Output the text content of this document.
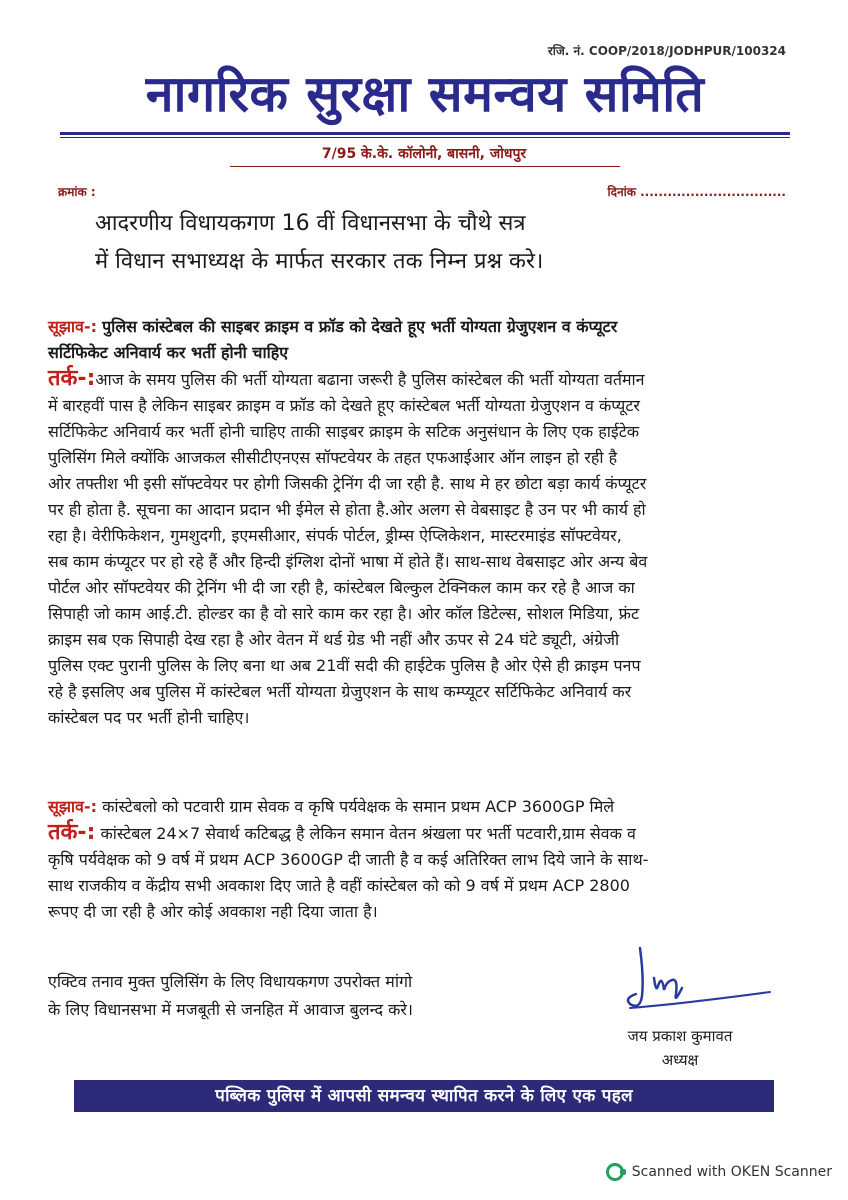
रजि. नं. COOP/2018/JODHPUR/100324
नागरिक सुरक्षा समन्वय समिति
7/95 के.के. कॉलोनी, बासनी, जोधपुर
क्रमांक :	दिनांक ................................
आदरणीय विधायकगण 16 वीं विधानसभा के चौथे सत्र
में विधान सभाध्यक्ष के मार्फत सरकार तक निम्न प्रश्न करे।
सूझाव-: पुलिस कांस्टेबल की साइबर क्राइम व फ्रॉड को देखते हूए भर्ती योग्यता ग्रेजुएशन व कंप्यूटर
सर्टिफिकेट अनिवार्य कर भर्ती होनी चाहिए
तर्क-:आज के समय पुलिस की भर्ती योग्यता बढाना जरूरी है पुलिस कांस्टेबल की भर्ती योग्यता वर्तमान
में बारहवीं पास है लेकिन साइबर क्राइम व फ्रॉड को देखते हूए कांस्टेबल भर्ती योग्यता ग्रेजुएशन व कंप्यूटर
सर्टिफिकेट अनिवार्य कर भर्ती होनी चाहिए ताकी साइबर क्राइम के सटिक अनुसंधान के लिए एक हाईटेक
पुलिसिंग मिले क्योंकि आजकल सीसीटीएनएस सॉफ्टवेयर के तहत एफआईआर ऑन लाइन हो रही है
ओर तफ्तीश भी इसी सॉफ्टवेयर पर होगी जिसकी ट्रेनिंग दी जा रही है. साथ मे हर छोटा बड़ा कार्य कंप्यूटर
पर ही होता है. सूचना का आदान प्रदान भी ईमेल से होता है.ओर अलग से वेबसाइट है उन पर भी कार्य हो
रहा है। वेरीफिकेशन, गुमशुदगी, इएमसीआर, संपर्क पोर्टल, ड्रीम्स ऐप्लिकेशन, मास्टरमाइंड सॉफ्टवेयर,
सब काम कंप्यूटर पर हो रहे हैं और हिन्दी इंग्लिश दोनों भाषा में होते हैं। साथ-साथ वेबसाइट ओर अन्य बेव
पोर्टल ओर सॉफ्टवेयर की ट्रेनिंग भी दी जा रही है, कांस्टेबल बिल्कुल टेक्निकल काम कर रहे है आज का
सिपाही जो काम आई.टी. होल्डर का है वो सारे काम कर रहा है। ओर कॉल डिटेल्स, सोशल मिडिया, फ्रंट
क्राइम सब एक सिपाही देख रहा है ओर वेतन में थर्ड ग्रेड भी नहीं और ऊपर से 24 घंटे ड्यूटी, अंग्रेजी
पुलिस एक्ट पुरानी पुलिस के लिए बना था अब 21वीं सदी की हाईटेक पुलिस है ओर ऐसे ही क्राइम पनप
रहे है इसलिए अब पुलिस में कांस्टेबल भर्ती योग्यता ग्रेजुएशन के साथ कम्प्यूटर सर्टिफिकेट अनिवार्य कर
कांस्टेबल पद पर भर्ती होनी चाहिए।
सूझाव-: कांस्टेबलो को पटवारी ग्राम सेवक व कृषि पर्यवेक्षक के समान प्रथम ACP 3600GP मिले
तर्क-: कांस्टेबल 24×7 सेवार्थ कटिबद्ध है लेकिन समान वेतन श्रंखला पर भर्ती पटवारी,ग्राम सेवक व
कृषि पर्यवेक्षक को 9 वर्ष में प्रथम ACP 3600GP दी जाती है व कई अतिरिक्त लाभ दिये जाने के साथ-
साथ राजकीय व केंद्रीय सभी अवकाश दिए जाते है वहीं कांस्टेबल को को 9 वर्ष में प्रथम ACP 2800
रूपए दी जा रही है ओर कोई अवकाश नही दिया जाता है।
एक्टिव तनाव मुक्त पुलिसिंग के लिए विधायकगण उपरोक्त मांगो
के लिए विधानसभा में मजबूती से जनहित में आवाज बुलन्द करे।
जय प्रकाश कुमावत
अध्यक्ष
पब्लिक पुलिस में आपसी समन्वय स्थापित करने के लिए एक पहल
Scanned with OKEN Scanner
